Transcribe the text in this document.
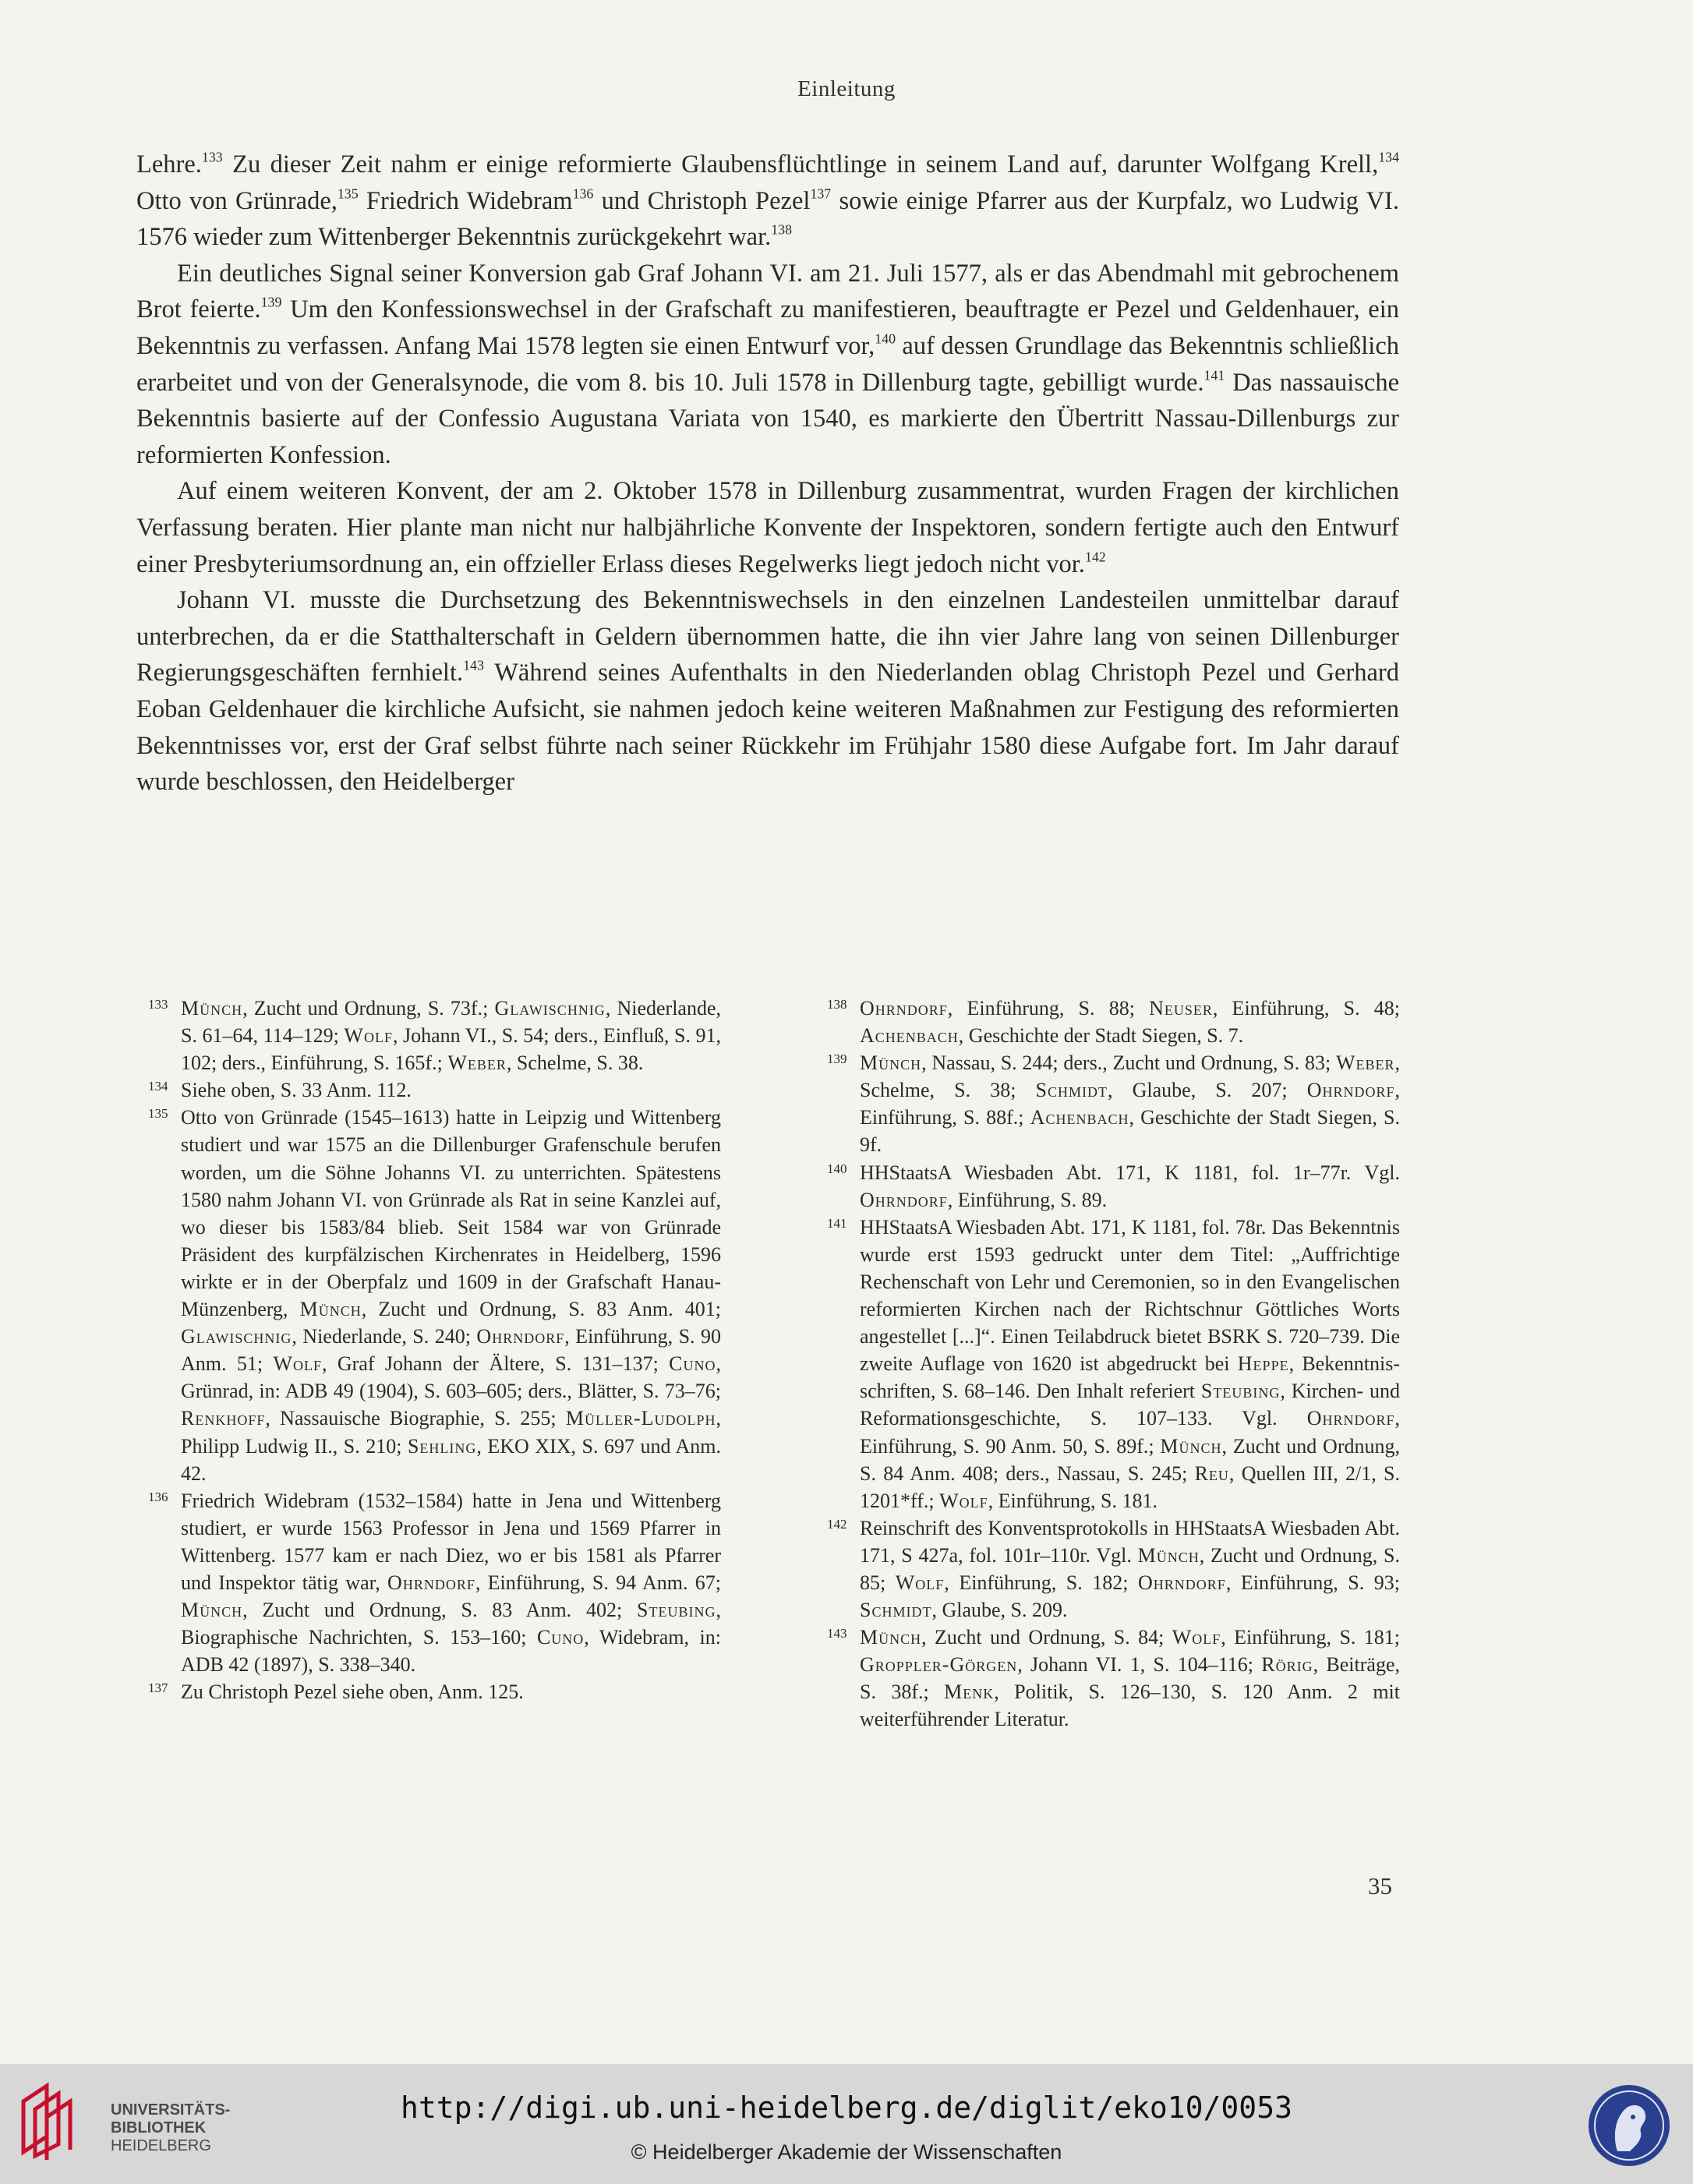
Einleitung

Lehre.$^{133}$ Zu dieser Zeit nahm er einige reformierte Glaubensflüchtlinge in seinem Land auf, darunter Wolfgang Krell,$^{134}$ Otto von Grünrade,$^{135}$ Friedrich Widebram$^{136}$ und Christoph Pezel$^{137}$ sowie einige Pfarrer aus der Kurpfalz, wo Ludwig VI. 1576 wieder zum Wittenberger Bekenntnis zurückgekehrt war.$^{138}$

Ein deutliches Signal seiner Konversion gab Graf Johann VI. am 21. Juli 1577, als er das Abendmahl mit gebrochenem Brot feierte.$^{139}$ Um den Konfessionswechsel in der Grafschaft zu manifestieren, beauftragte er Pezel und Geldenhauer, ein Bekenntnis zu verfassen. Anfang Mai 1578 legten sie einen Entwurf vor,$^{140}$ auf dessen Grundlage das Bekenntnis schließlich erarbeitet und von der Generalsynode, die vom 8. bis 10. Juli 1578 in Dillenburg tagte, gebilligt wurde.$^{141}$ Das nassauische Bekenntnis basierte auf der Confessio Augustana Variata von 1540, es markierte den Übertritt Nassau-Dillenburgs zur reformierten Konfession.

Auf einem weiteren Konvent, der am 2. Oktober 1578 in Dillenburg zusammentrat, wurden Fragen der kirchlichen Verfassung beraten. Hier plante man nicht nur halbjährliche Konvente der Inspektoren, sondern fertigte auch den Entwurf einer Presbyteriumsordnung an, ein offzieller Erlass dieses Regelwerks liegt jedoch nicht vor.$^{142}$

Johann VI. musste die Durchsetzung des Bekenntniswechsels in den einzelnen Landesteilen unmittelbar darauf unterbrechen, da er die Statthalterschaft in Geldern übernommen hatte, die ihn vier Jahre lang von seinen Dillenburger Regierungsgeschäften fernhielt.$^{143}$ Während seines Aufenthalts in den Niederlanden oblag Christoph Pezel und Gerhard Eoban Geldenhauer die kirchliche Aufsicht, sie nahmen jedoch keine weiteren Maßnahmen zur Festigung des reformierten Bekenntnisses vor, erst der Graf selbst führte nach seiner Rückkehr im Frühjahr 1580 diese Aufgabe fort. Im Jahr darauf wurde beschlossen, den Heidelberger

133 Münch, Zucht und Ordnung, S. 73f.; Glawischnig, Niederlande, S. 61–64, 114–129; Wolf, Johann VI., S. 54; ders., Einfluß, S. 91, 102; ders., Einführung, S. 165f.; Weber, Schelme, S. 38.

134 Siehe oben, S. 33 Anm. 112.

135 Otto von Grünrade (1545–1613) hatte in Leipzig und Wittenberg studiert und war 1575 an die Dillenburger Grafenschule berufen worden, um die Söhne Johanns VI. zu unterrichten. Spätestens 1580 nahm Johann VI. von Grünrade als Rat in seine Kanzlei auf, wo dieser bis 1583/84 blieb. Seit 1584 war von Grünrade Präsident des kurpfälzischen Kirchenrates in Heidelberg, 1596 wirkte er in der Oberpfalz und 1609 in der Grafschaft Hanau-Münzenberg, Münch, Zucht und Ordnung, S. 83 Anm. 401; Glawischnig, Niederlande, S. 240; Ohrndorf, Einführung, S. 90 Anm. 51; Wolf, Graf Johann der Ältere, S. 131–137; Cuno, Grünrad, in: ADB 49 (1904), S. 603–605; ders., Blätter, S. 73–76; Renkhoff, Nassauische Biographie, S. 255; Müller-Ludolph, Philipp Ludwig II., S. 210; Sehling, EKO XIX, S. 697 und Anm. 42.

136 Friedrich Widebram (1532–1584) hatte in Jena und Wittenberg studiert, er wurde 1563 Professor in Jena und 1569 Pfarrer in Wittenberg. 1577 kam er nach Diez, wo er bis 1581 als Pfarrer und Inspektor tätig war, Ohrndorf, Einführung, S. 94 Anm. 67; Münch, Zucht und Ordnung, S. 83 Anm. 402; Steubing, Biographische Nachrichten, S. 153–160; Cuno, Widebram, in: ADB 42 (1897), S. 338–340.

137 Zu Christoph Pezel siehe oben, Anm. 125.

138 Ohrndorf, Einführung, S. 88; Neuser, Einführung, S. 48; Achenbach, Geschichte der Stadt Siegen, S. 7.

139 Münch, Nassau, S. 244; ders., Zucht und Ordnung, S. 83; Weber, Schelme, S. 38; Schmidt, Glaube, S. 207; Ohrndorf, Einführung, S. 88f.; Achenbach, Geschichte der Stadt Siegen, S. 9f.

140 HHStaatsA Wiesbaden Abt. 171, K 1181, fol. 1r–77r. Vgl. Ohrndorf, Einführung, S. 89.

141 HHStaatsA Wiesbaden Abt. 171, K 1181, fol. 78r. Das Bekenntnis wurde erst 1593 gedruckt unter dem Titel: „Auffrichtige Rechenschaft von Lehr und Ceremonien, so in den Evangelischen reformierten Kirchen nach der Richtschnur Göttliches Worts angestellet [...]“. Einen Teilabdruck bietet BSRK S. 720–739. Die zweite Auflage von 1620 ist abgedruckt bei Heppe, Bekenntnisschriften, S. 68–146. Den Inhalt referiert Steubing, Kirchen- und Reformationsgeschichte, S. 107–133. Vgl. Ohrndorf, Einführung, S. 90 Anm. 50, S. 89f.; Münch, Zucht und Ordnung, S. 84 Anm. 408; ders., Nassau, S. 245; Reu, Quellen III, 2/1, S. 1201*ff.; Wolf, Einführung, S. 181.

142 Reinschrift des Konventsprotokolls in HHStaatsA Wiesbaden Abt. 171, S 427a, fol. 101r–110r. Vgl. Münch, Zucht und Ordnung, S. 85; Wolf, Einführung, S. 182; Ohrndorf, Einführung, S. 93; Schmidt, Glaube, S. 209.

143 Münch, Zucht und Ordnung, S. 84; Wolf, Einführung, S. 181; Groppler-Görgen, Johann VI. 1, S. 104–116; Rörig, Beiträge, S. 38f.; Menk, Politik, S. 126–130, S. 120 Anm. 2 mit weiterführender Literatur.

35
UNIVERSITÄTS-
BIBLIOTHEK
HEIDELBERG
http://digi.ub.uni-heidelberg.de/diglit/eko10/0053
© Heidelberger Akademie der Wissenschaften
